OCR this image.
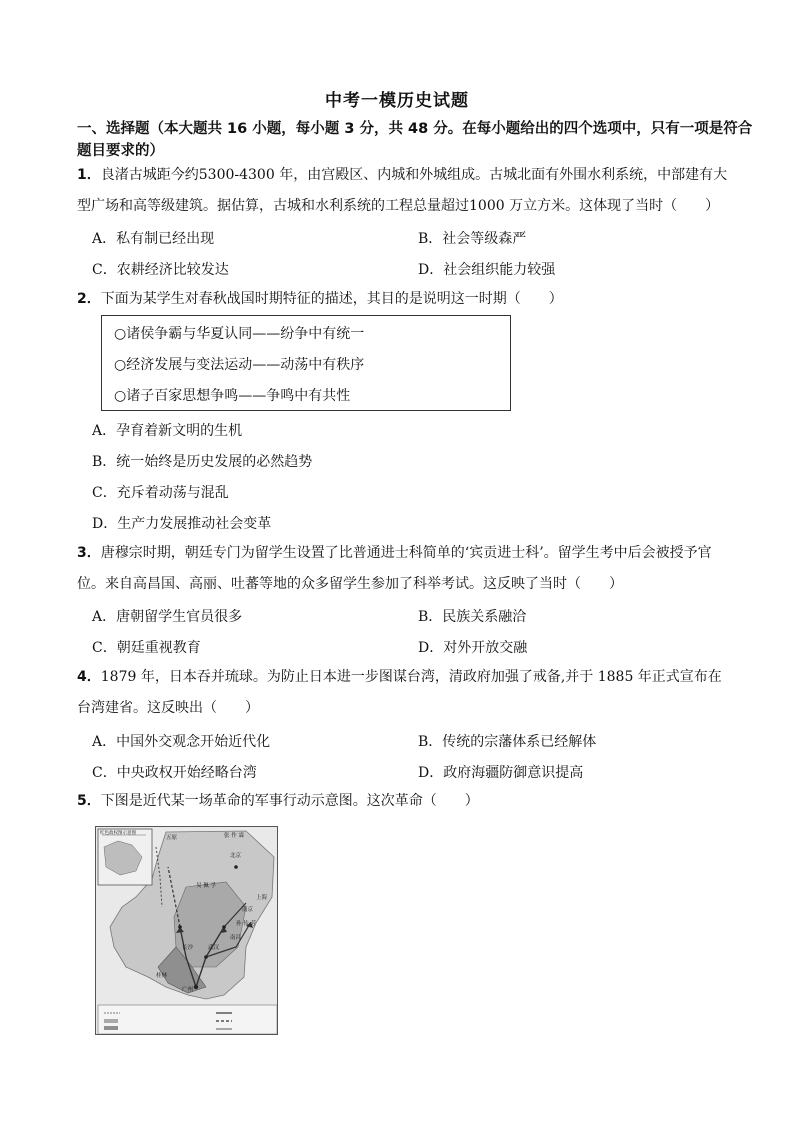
中考一模历史试题
一、选择题（本大题共 16 小题，每小题 3 分，共 48 分。在每小题给出的四个选项中，只有一项是符合题目要求的）
1．良渚古城距今约5300-4300 年，由宫殿区、内城和外城组成。古城北面有外围水利系统，中部建有大
型广场和高等级建筑。据估算，古城和水利系统的工程总量超过1000 万立方米。这体现了当时（　　）
A．私有制已经出现	B．社会等级森严
C．农耕经济比较发达	D．社会组织能力较强
2．下面为某学生对春秋战国时期特征的描述，其目的是说明这一时期（　　）
○诸侯争霸与华夏认同——纷争中有统一
○经济发展与变法运动——动荡中有秩序
○诸子百家思想争鸣——争鸣中有共性
A．孕育着新文明的生机
B．统一始终是历史发展的必然趋势
C．充斥着动荡与混乱
D．生产力发展推动社会变革
3．唐穆宗时期，朝廷专门为留学生设置了比普通进士科简单的‘宾贡进士科’。留学生考中后会被授予官
位。来自高昌国、高丽、吐蕃等地的众多留学生参加了科举考试。这反映了当时（　　）
A．唐朝留学生官员很多	B．民族关系融洽
C．朝廷重视教育	D．对外开放交融
4．1879 年，日本吞并琉球。为防止日本进一步图谋台湾，清政府加强了戒备,并于 1885 年正式宣布在
台湾建省。这反映出（　　）
A．中国外交观念开始近代化	B．传统的宗藩体系已经解体
C．中央政权开始经略台湾	D．政府海疆防御意识提高
5．下图是近代某一场革命的军事行动示意图。这次革命（　　）
红色政权图示意图	张 作 霖
北京
吴 佩 孚
武汉
南昌
长沙
广州
上海
南京
孙 传 芳
五原
桂林
